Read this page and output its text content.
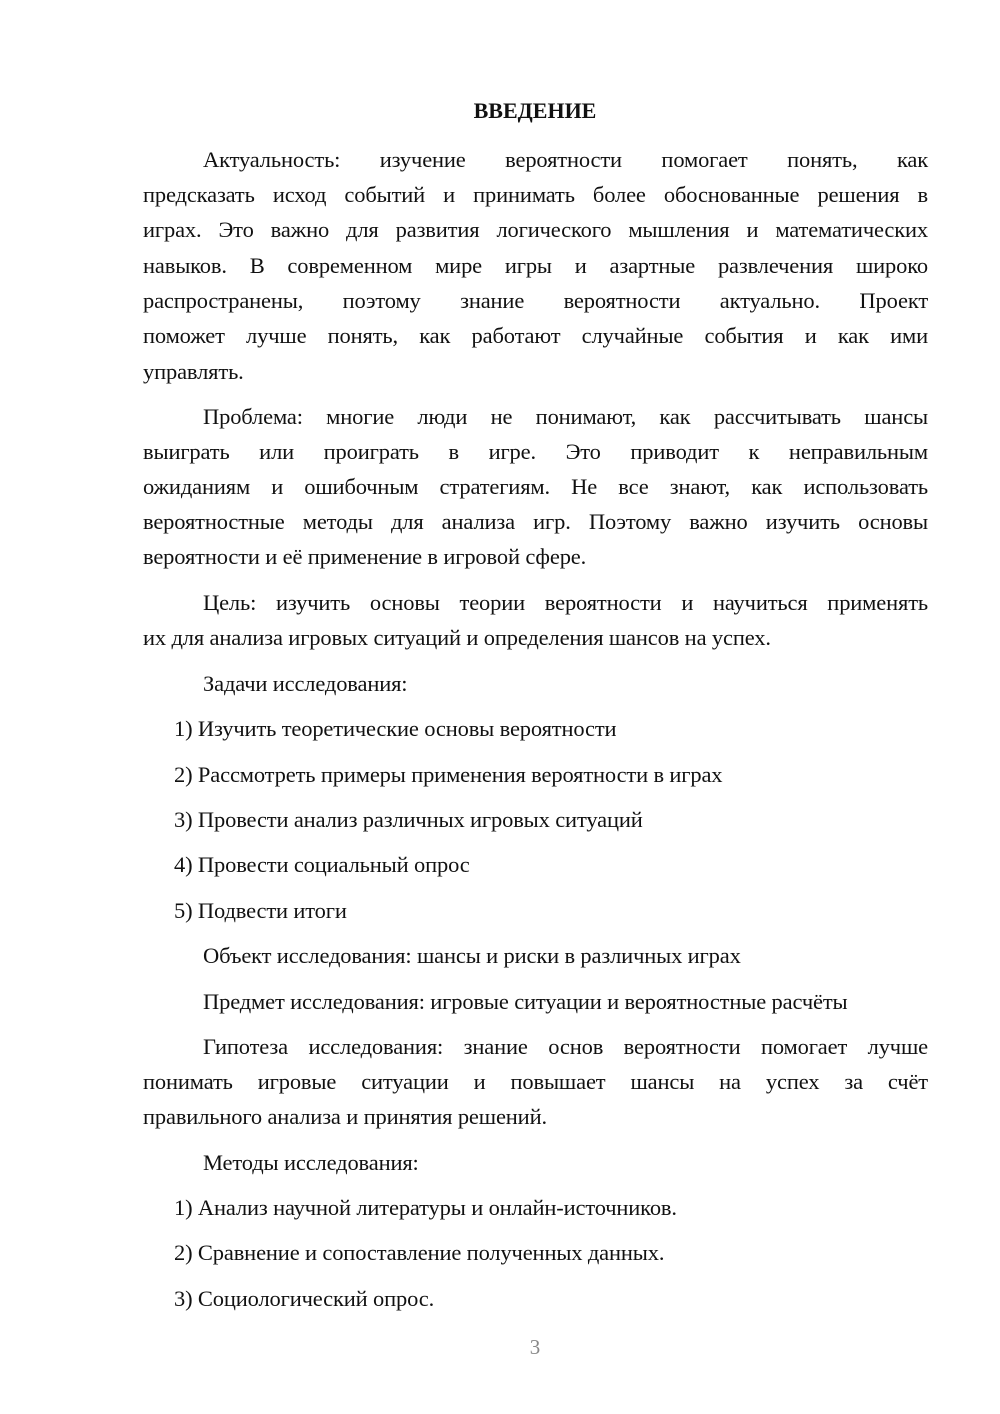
ВВЕДЕНИЕ
Актуальность: изучение вероятности помогает понять, как
предсказать исход событий и принимать более обоснованные решения в
играх. Это важно для развития логического мышления и математических
навыков. В современном мире игры и азартные развлечения широко
распространены, поэтому знание вероятности актуально. Проект
поможет лучше понять, как работают случайные события и как ими
управлять.
Проблема: многие люди не понимают, как рассчитывать шансы
выиграть или проиграть в игре. Это приводит к неправильным
ожиданиям и ошибочным стратегиям. Не все знают, как использовать
вероятностные методы для анализа игр. Поэтому важно изучить основы
вероятности и её применение в игровой сфере.
Цель: изучить основы теории вероятности и научиться применять
их для анализа игровых ситуаций и определения шансов на успех.
Задачи исследования:
1) Изучить теоретические основы вероятности
2) Рассмотреть примеры применения вероятности в играх
3) Провести анализ различных игровых ситуаций
4) Провести социальный опрос
5) Подвести итоги
Объект исследования: шансы и риски в различных играх
Предмет исследования: игровые ситуации и вероятностные расчёты
Гипотеза исследования: знание основ вероятности помогает лучше
понимать игровые ситуации и повышает шансы на успех за счёт
правильного анализа и принятия решений.
Методы исследования:
1) Анализ научной литературы и онлайн-источников.
2) Сравнение и сопоставление полученных данных.
3) Социологический опрос.
3
